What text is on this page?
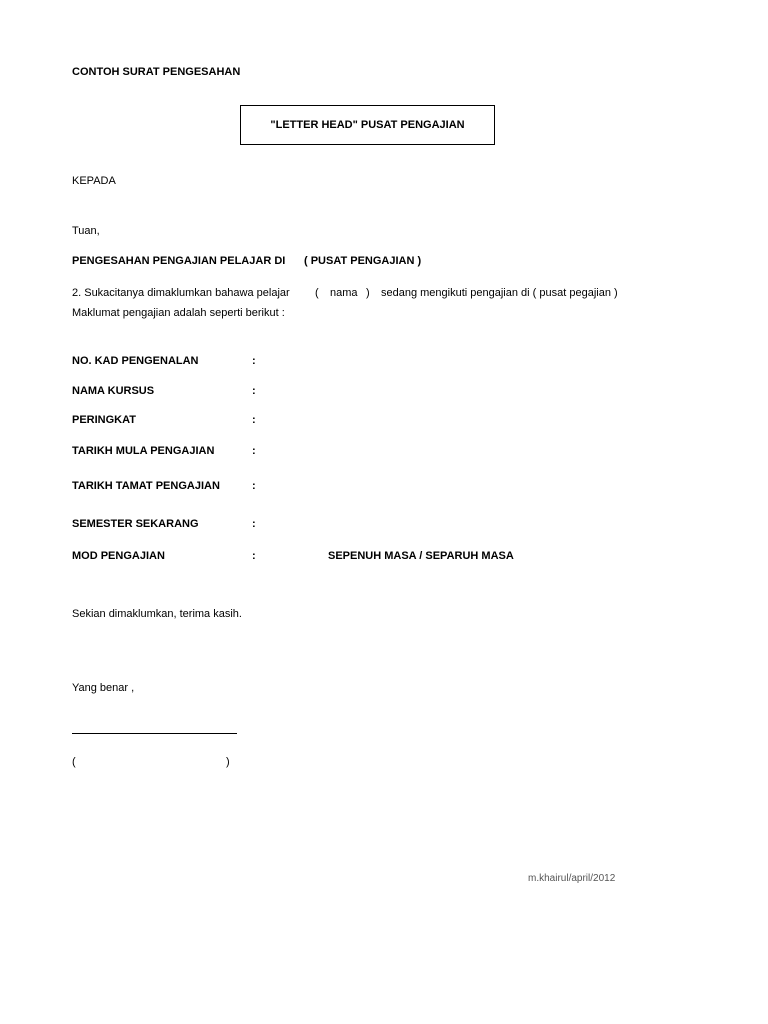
CONTOH SURAT PENGESAHAN
"LETTER HEAD" PUSAT PENGAJIAN
KEPADA
Tuan,
PENGESAHAN PENGAJIAN PELAJAR DI ( PUSAT PENGAJIAN )
2. Sukacitanya dimaklumkan bahawa pelajar ( nama ) sedang mengikuti pengajian di ( pusat pegajian )
Maklumat pengajian adalah seperti berikut :
NO. KAD PENGENALAN	:
NAMA KURSUS	:
PERINGKAT	:
TARIKH MULA PENGAJIAN	:
TARIKH TAMAT PENGAJIAN	:
SEMESTER SEKARANG	:
MOD PENGAJIAN	:	SEPENUH MASA / SEPARUH MASA
Sekian dimaklumkan, terima kasih.
Yang benar ,
(	)
m.khairul/april/2012
